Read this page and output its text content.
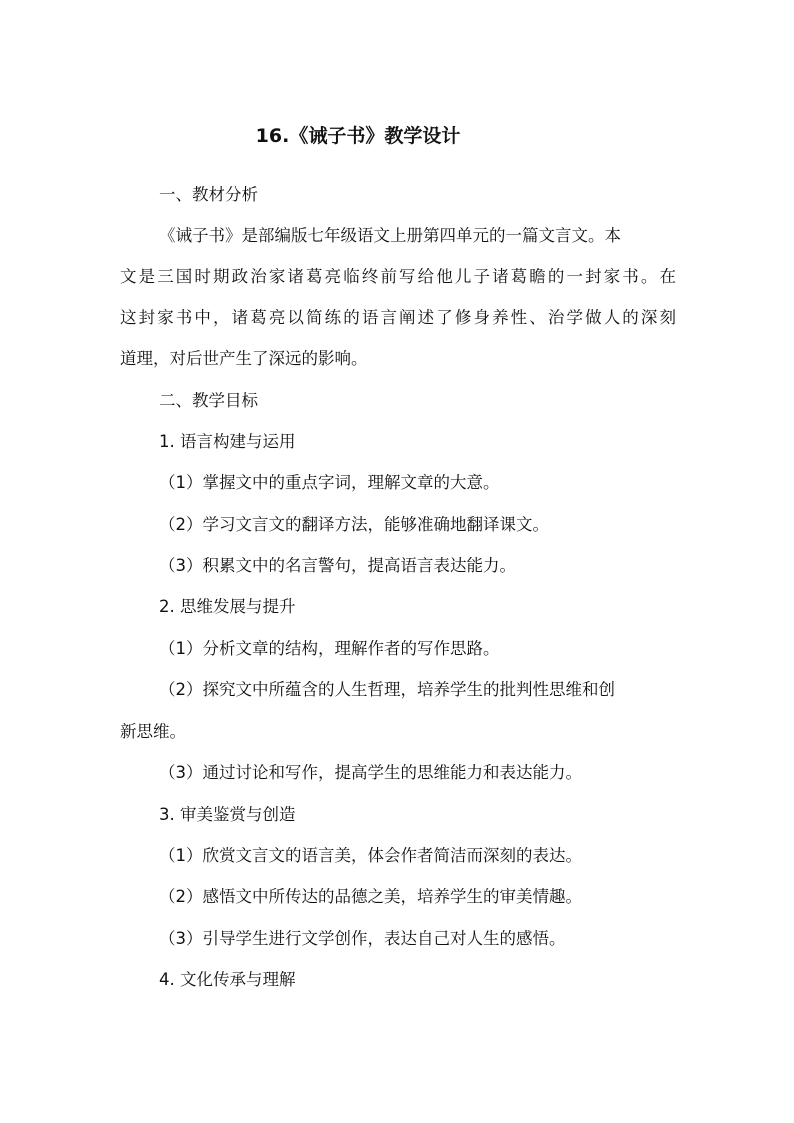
16.《诫子书》教学设计
一、教材分析
《诫子书》是部编版七年级语文上册第四单元的一篇文言文。本
文是三国时期政治家诸葛亮临终前写给他儿子诸葛瞻的一封家书。在
这封家书中，诸葛亮以简练的语言阐述了修身养性、治学做人的深刻
道理，对后世产生了深远的影响。
二、教学目标
1. 语言构建与运用
（1）掌握文中的重点字词，理解文章的大意。
（2）学习文言文的翻译方法，能够准确地翻译课文。
（3）积累文中的名言警句，提高语言表达能力。
2. 思维发展与提升
（1）分析文章的结构，理解作者的写作思路。
（2）探究文中所蕴含的人生哲理，培养学生的批判性思维和创
新思维。
（3）通过讨论和写作，提高学生的思维能力和表达能力。
3. 审美鉴赏与创造
（1）欣赏文言文的语言美，体会作者简洁而深刻的表达。
（2）感悟文中所传达的品德之美，培养学生的审美情趣。
（3）引导学生进行文学创作，表达自己对人生的感悟。
4. 文化传承与理解
